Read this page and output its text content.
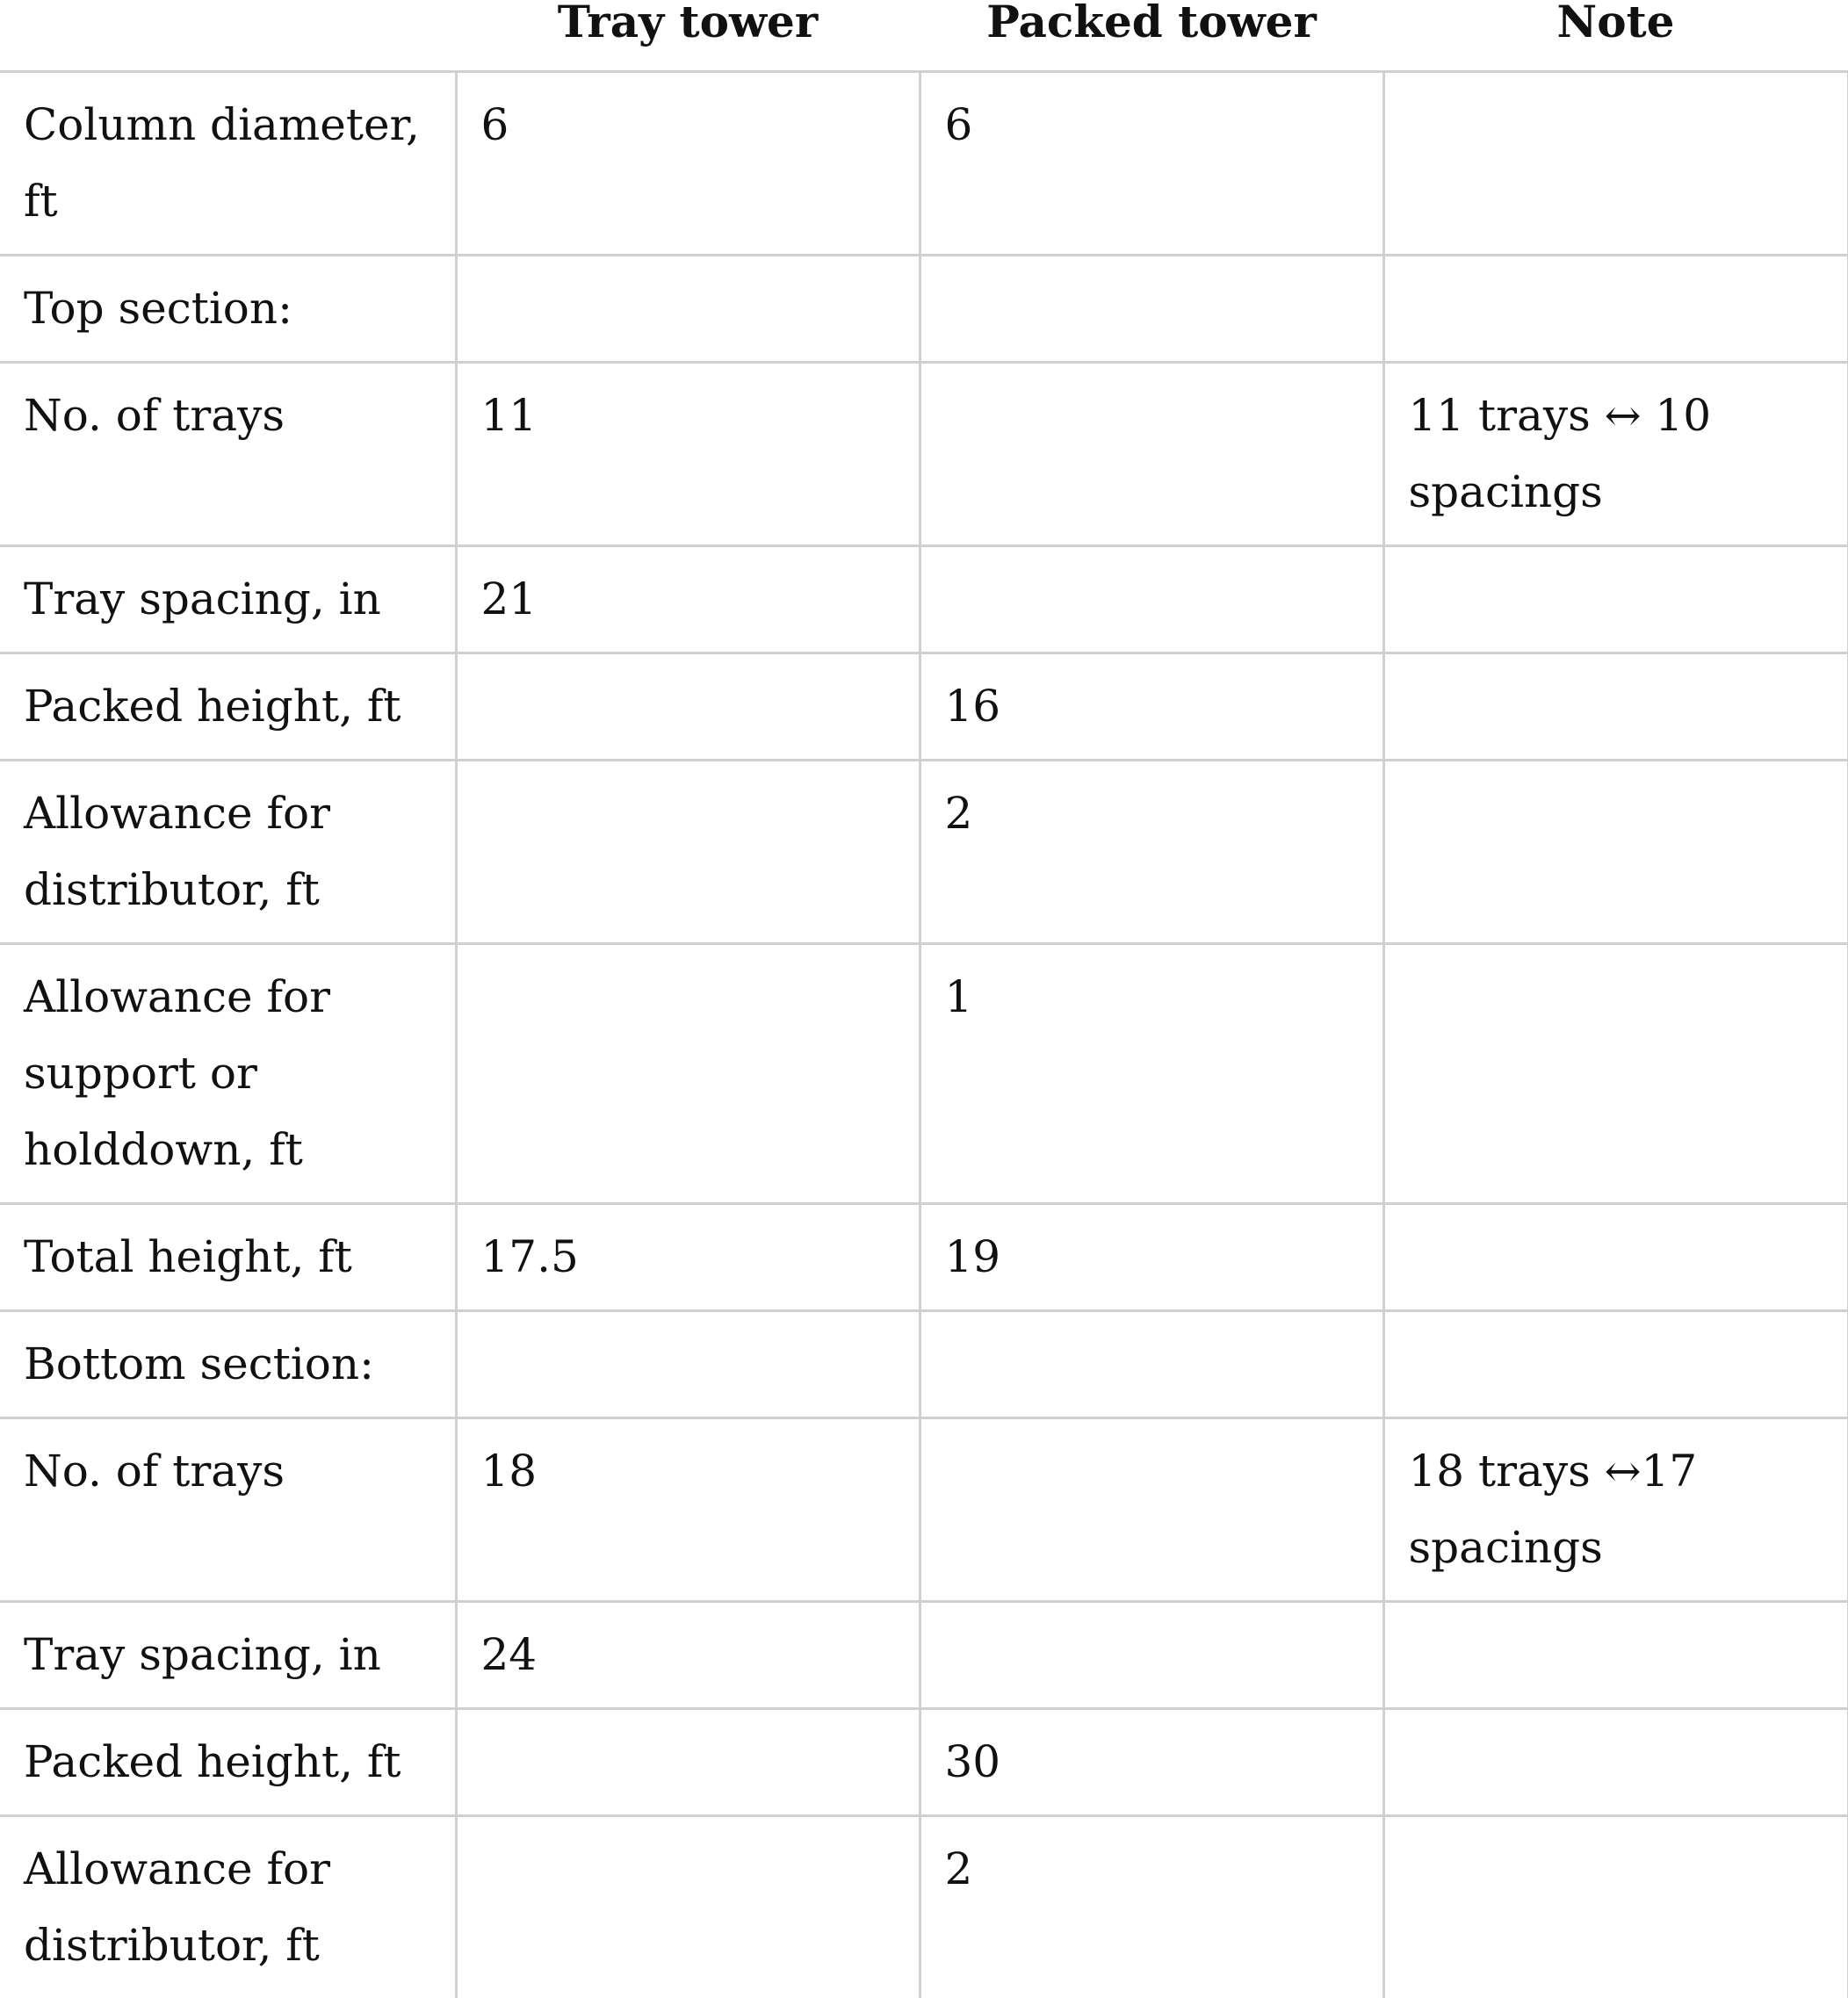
	Tray tower	Packed tower	Note
Column diameter, ft	6	6	
Top section:			
No. of trays	11		11 trays ↔ 10 spacings
Tray spacing, in	21		
Packed height, ft		16	
Allowance for distributor, ft		2	
Allowance for support or holddown, ft		1	
Total height, ft	17.5	19	
Bottom section:			
No. of trays	18		18 trays ↔17 spacings
Tray spacing, in	24		
Packed height, ft		30	
Allowance for distributor, ft		2	
